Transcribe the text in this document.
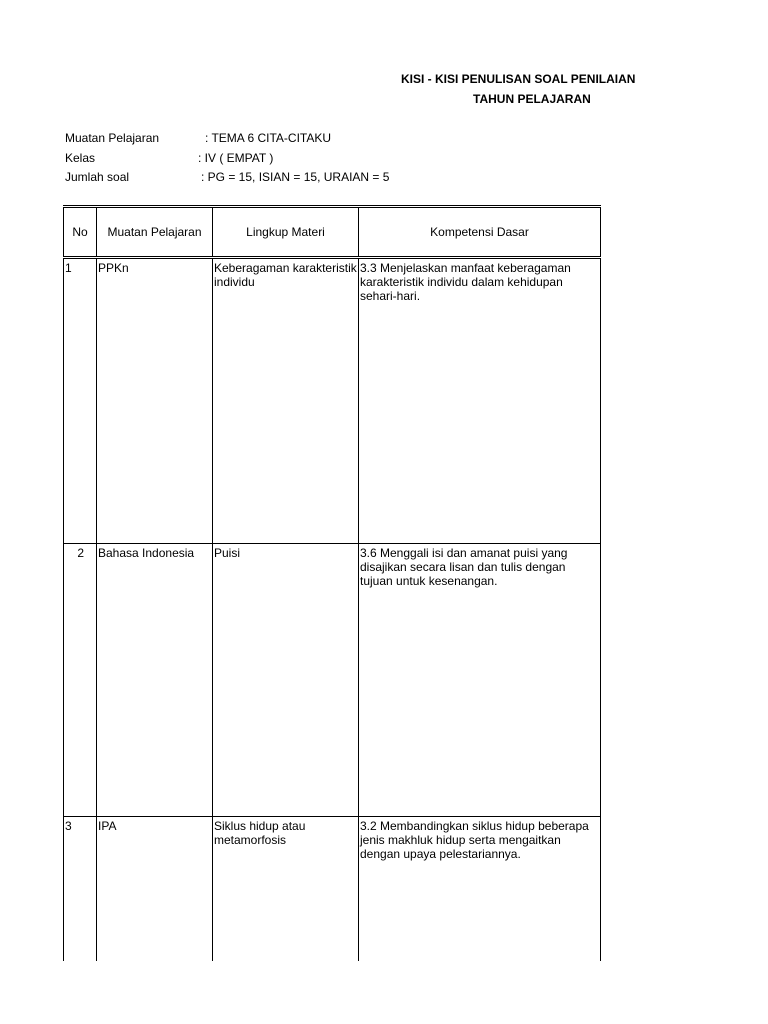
KISI - KISI PENULISAN SOAL PENILAIAN
TAHUN PELAJARAN
Muatan Pelajaran	: TEMA 6 CITA-CITAKU
Kelas	: IV ( EMPAT )
Jumlah soal	: PG = 15, ISIAN = 15, URAIAN = 5
No	Muatan Pelajaran	Lingkup Materi	Kompetensi Dasar
1	PPKn	Keberagaman karakteristik individu	3.3 Menjelaskan manfaat keberagaman karakteristik individu dalam kehidupan sehari-hari.
2	Bahasa Indonesia	Puisi	3.6 Menggali isi dan amanat puisi yang disajikan secara lisan dan tulis dengan tujuan untuk kesenangan.
3	IPA	Siklus hidup atau metamorfosis	3.2 Membandingkan siklus hidup beberapa jenis makhluk hidup serta mengaitkan dengan upaya pelestariannya.
